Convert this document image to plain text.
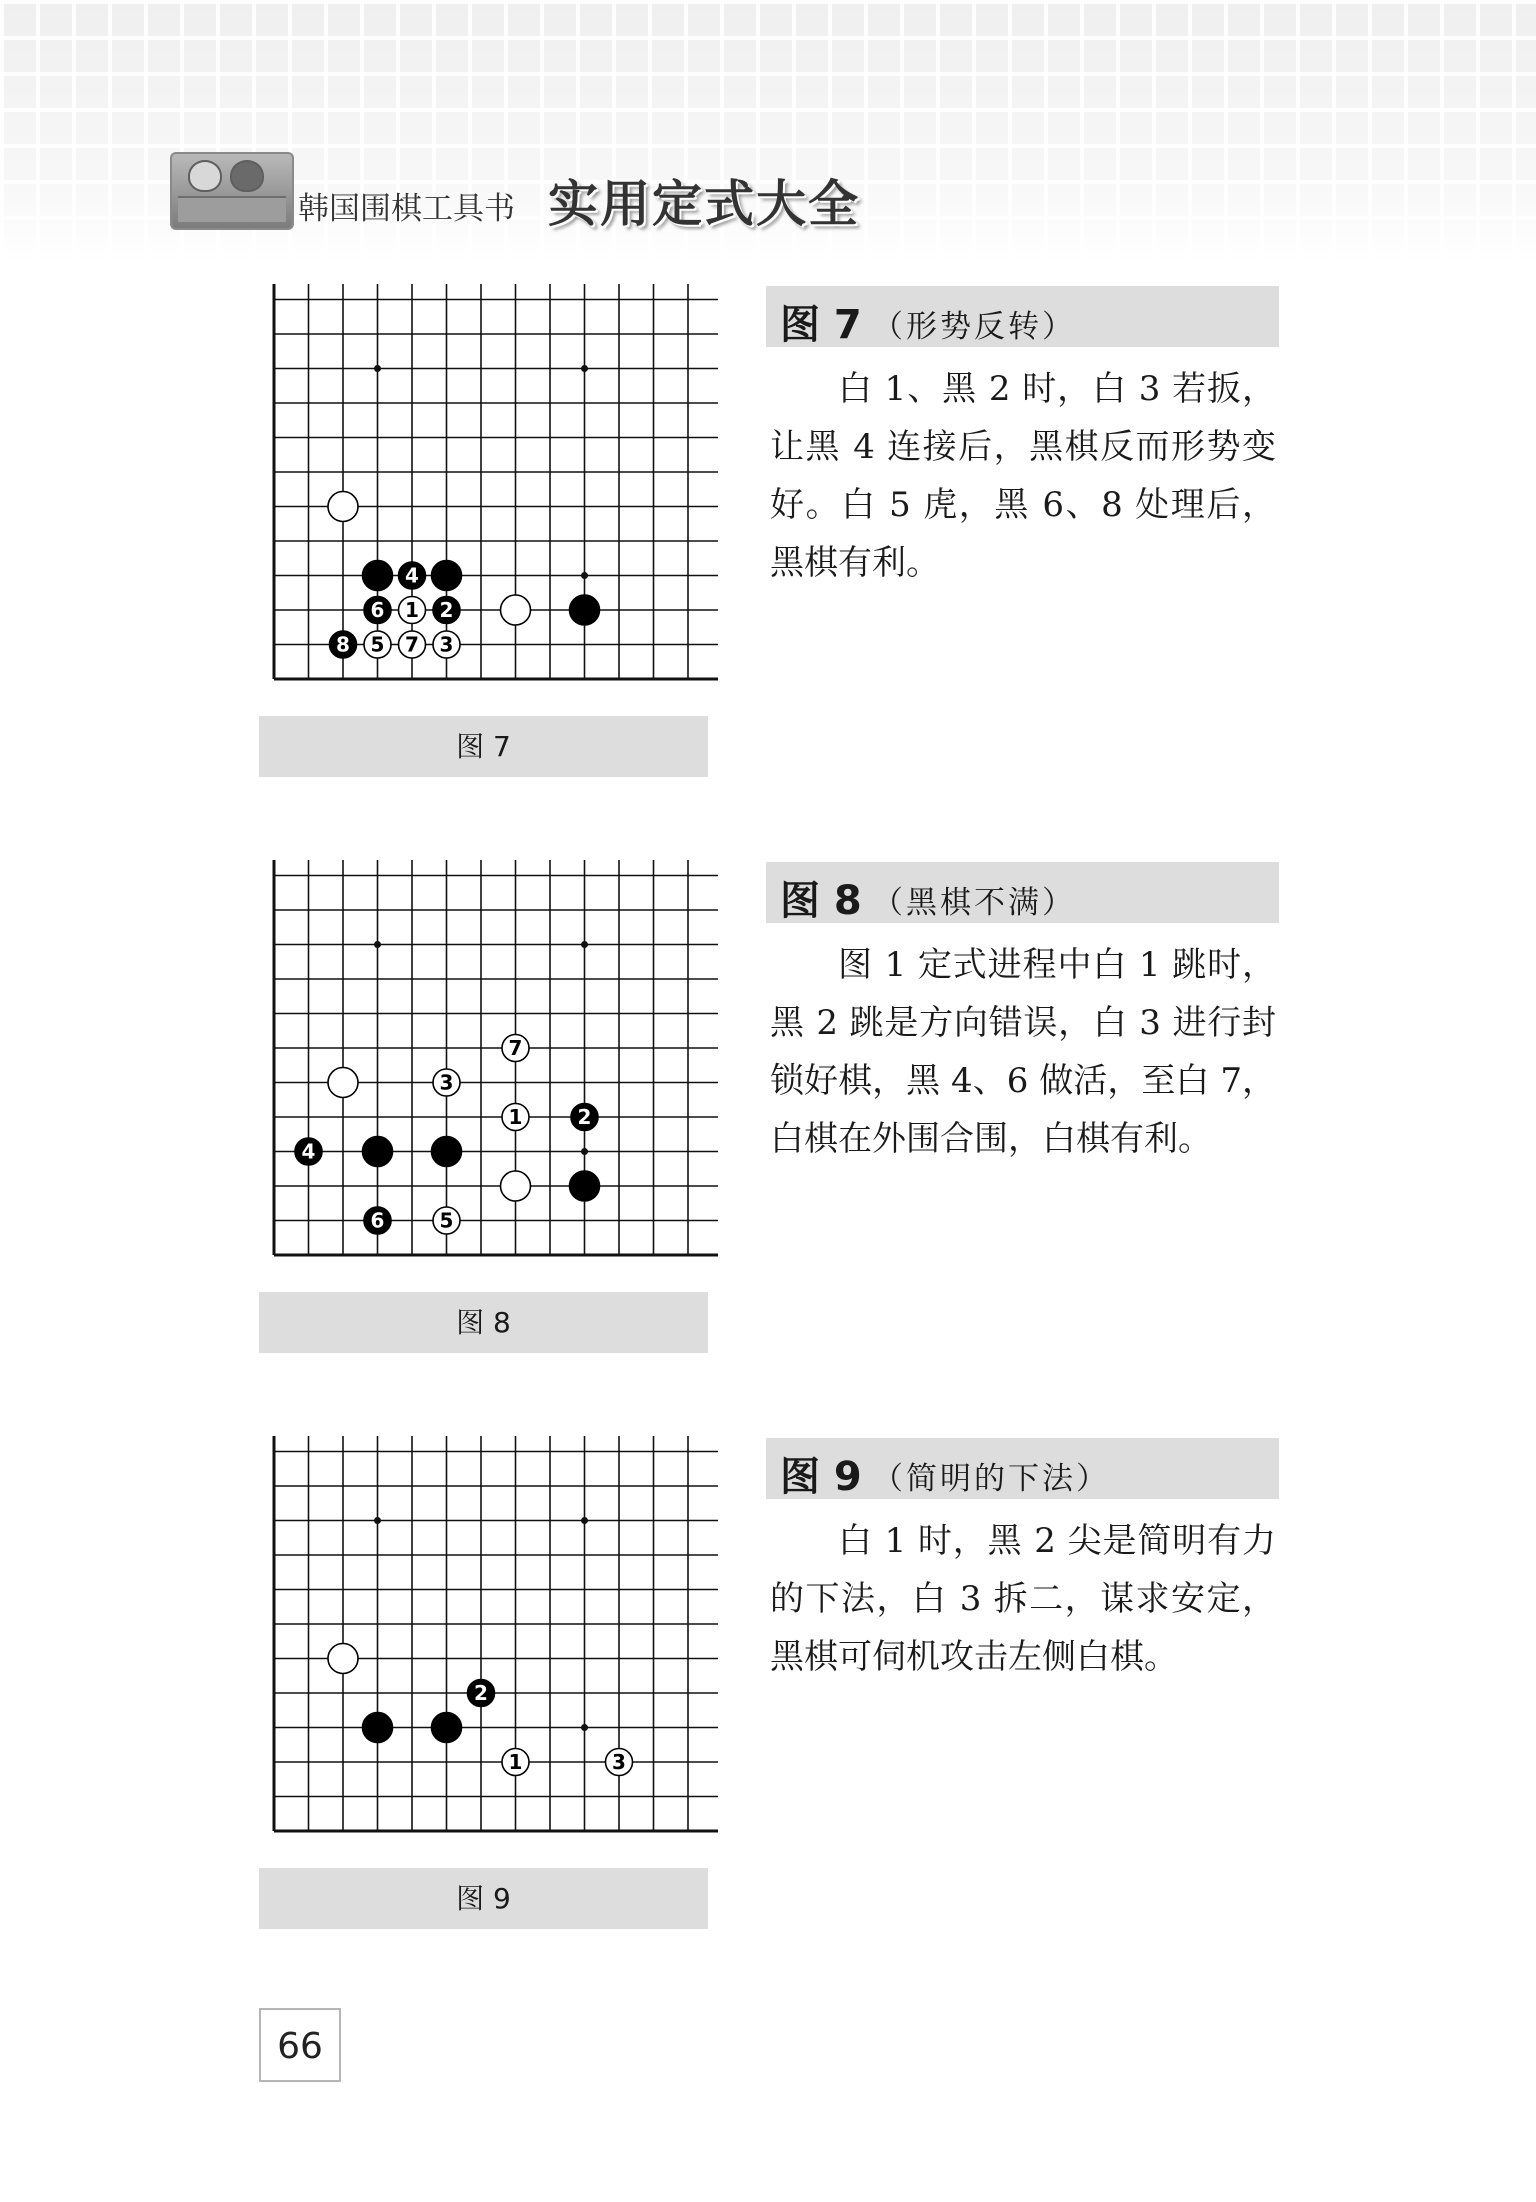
韩国围棋工具书 实用定式大全
4
6 1 2
8 5 7 3
图 7
图 7 （形势反转）

白 1、黑 2 时，白 3 若扳，让黑 4 连接后，黑棋反而形势变好。白 5 虎，黑 6、8 处理后，黑棋有利。

7
3
1	2
4
6	5
图 8
图 8 （黑棋不满）

图 1 定式进程中白 1 跳时，黑 2 跳是方向错误，白 3 进行封锁好棋，黑 4、6 做活，至白 7，白棋在外围合围，白棋有利。

2
1	3
图 9
图 9 （简明的下法）

白 1 时，黑 2 尖是简明有力的下法，白 3 拆二，谋求安定，黑棋可伺机攻击左侧白棋。

66
